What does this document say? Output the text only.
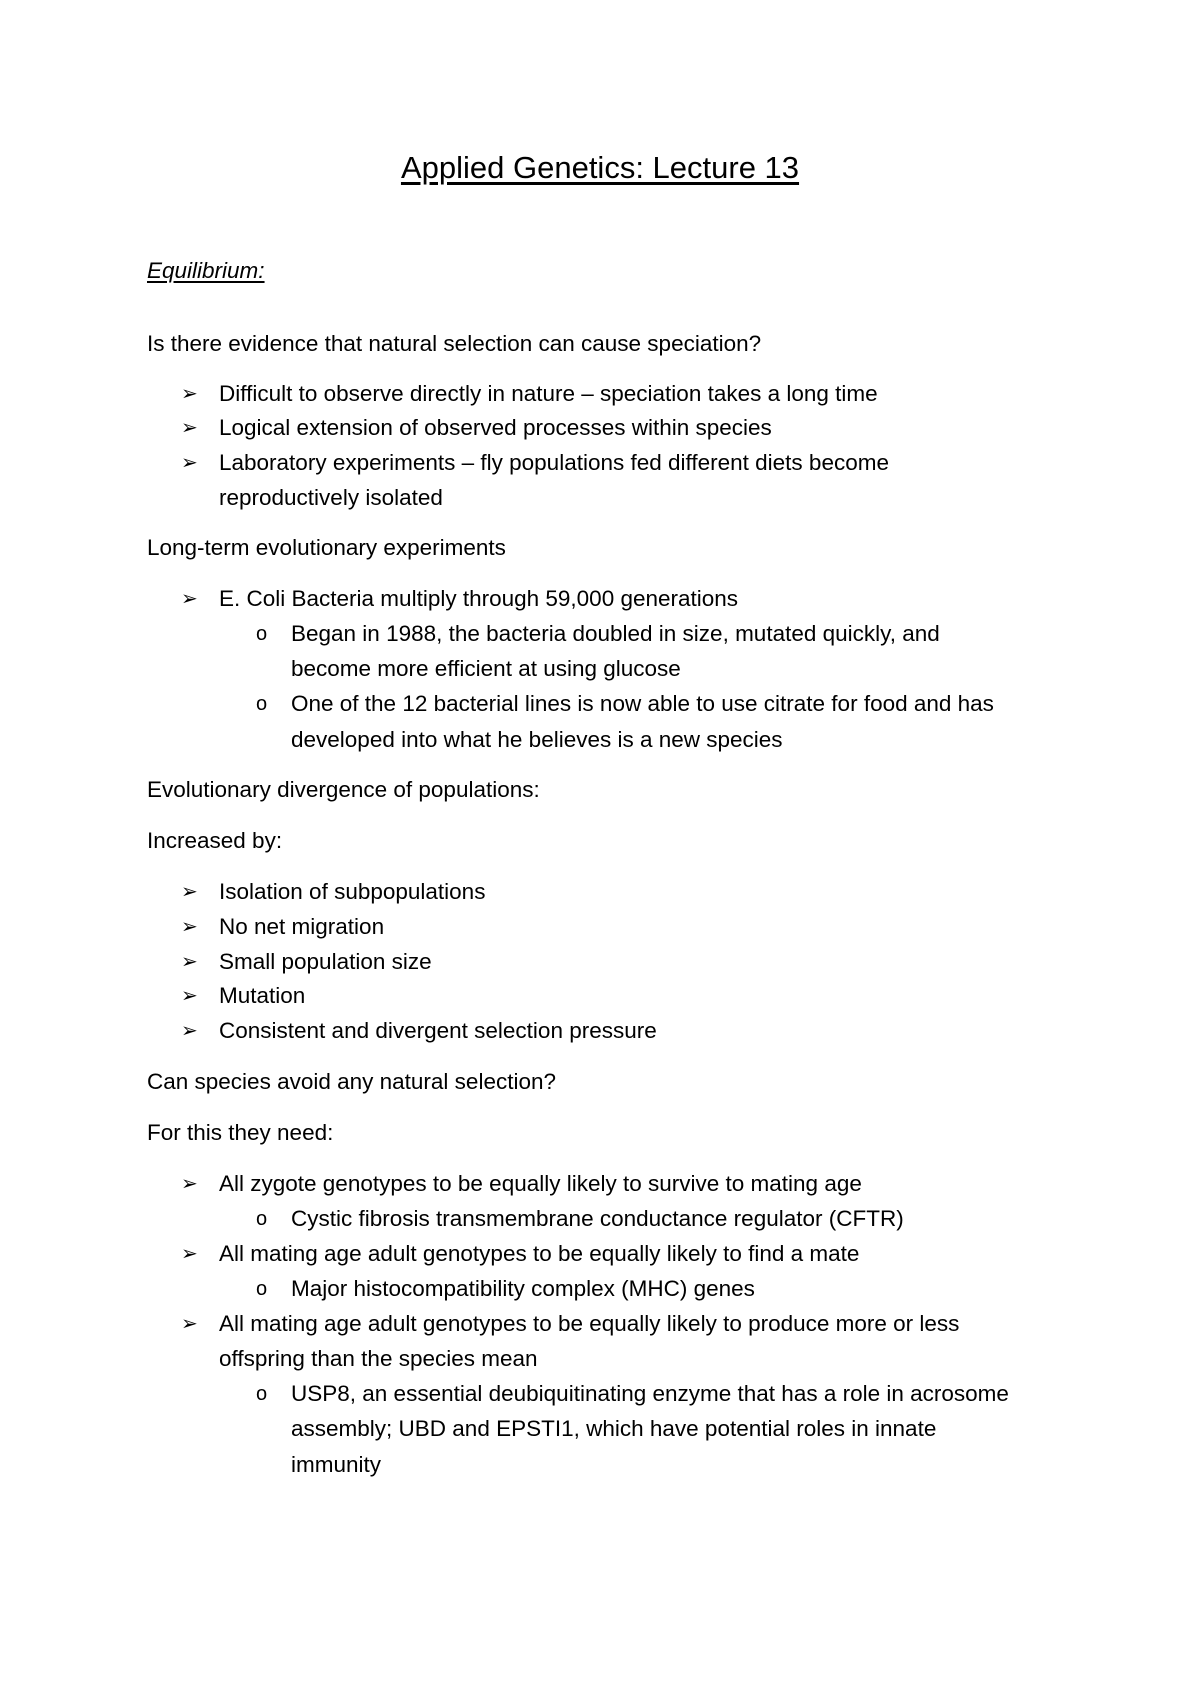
Applied Genetics: Lecture 13
Equilibrium:
Is there evidence that natural selection can cause speciation?
➢ Difficult to observe directly in nature – speciation takes a long time
➢ Logical extension of observed processes within species
➢ Laboratory experiments – fly populations fed different diets become
reproductively isolated
Long-term evolutionary experiments
➢ E. Coli Bacteria multiply through 59,000 generations
o	Began in 1988, the bacteria doubled in size, mutated quickly, and
become more efficient at using glucose
o	One of the 12 bacterial lines is now able to use citrate for food and has
developed into what he believes is a new species
Evolutionary divergence of populations:
Increased by:
➢ Isolation of subpopulations
➢ No net migration
➢ Small population size
➢ Mutation
➢ Consistent and divergent selection pressure
Can species avoid any natural selection?
For this they need:
➢ All zygote genotypes to be equally likely to survive to mating age
o	Cystic fibrosis transmembrane conductance regulator (CFTR)
➢ All mating age adult genotypes to be equally likely to find a mate
o	Major histocompatibility complex (MHC) genes
➢ All mating age adult genotypes to be equally likely to produce more or less
offspring than the species mean
o	USP8, an essential deubiquitinating enzyme that has a role in acrosome
assembly; UBD and EPSTI1, which have potential roles in innate
immunity
